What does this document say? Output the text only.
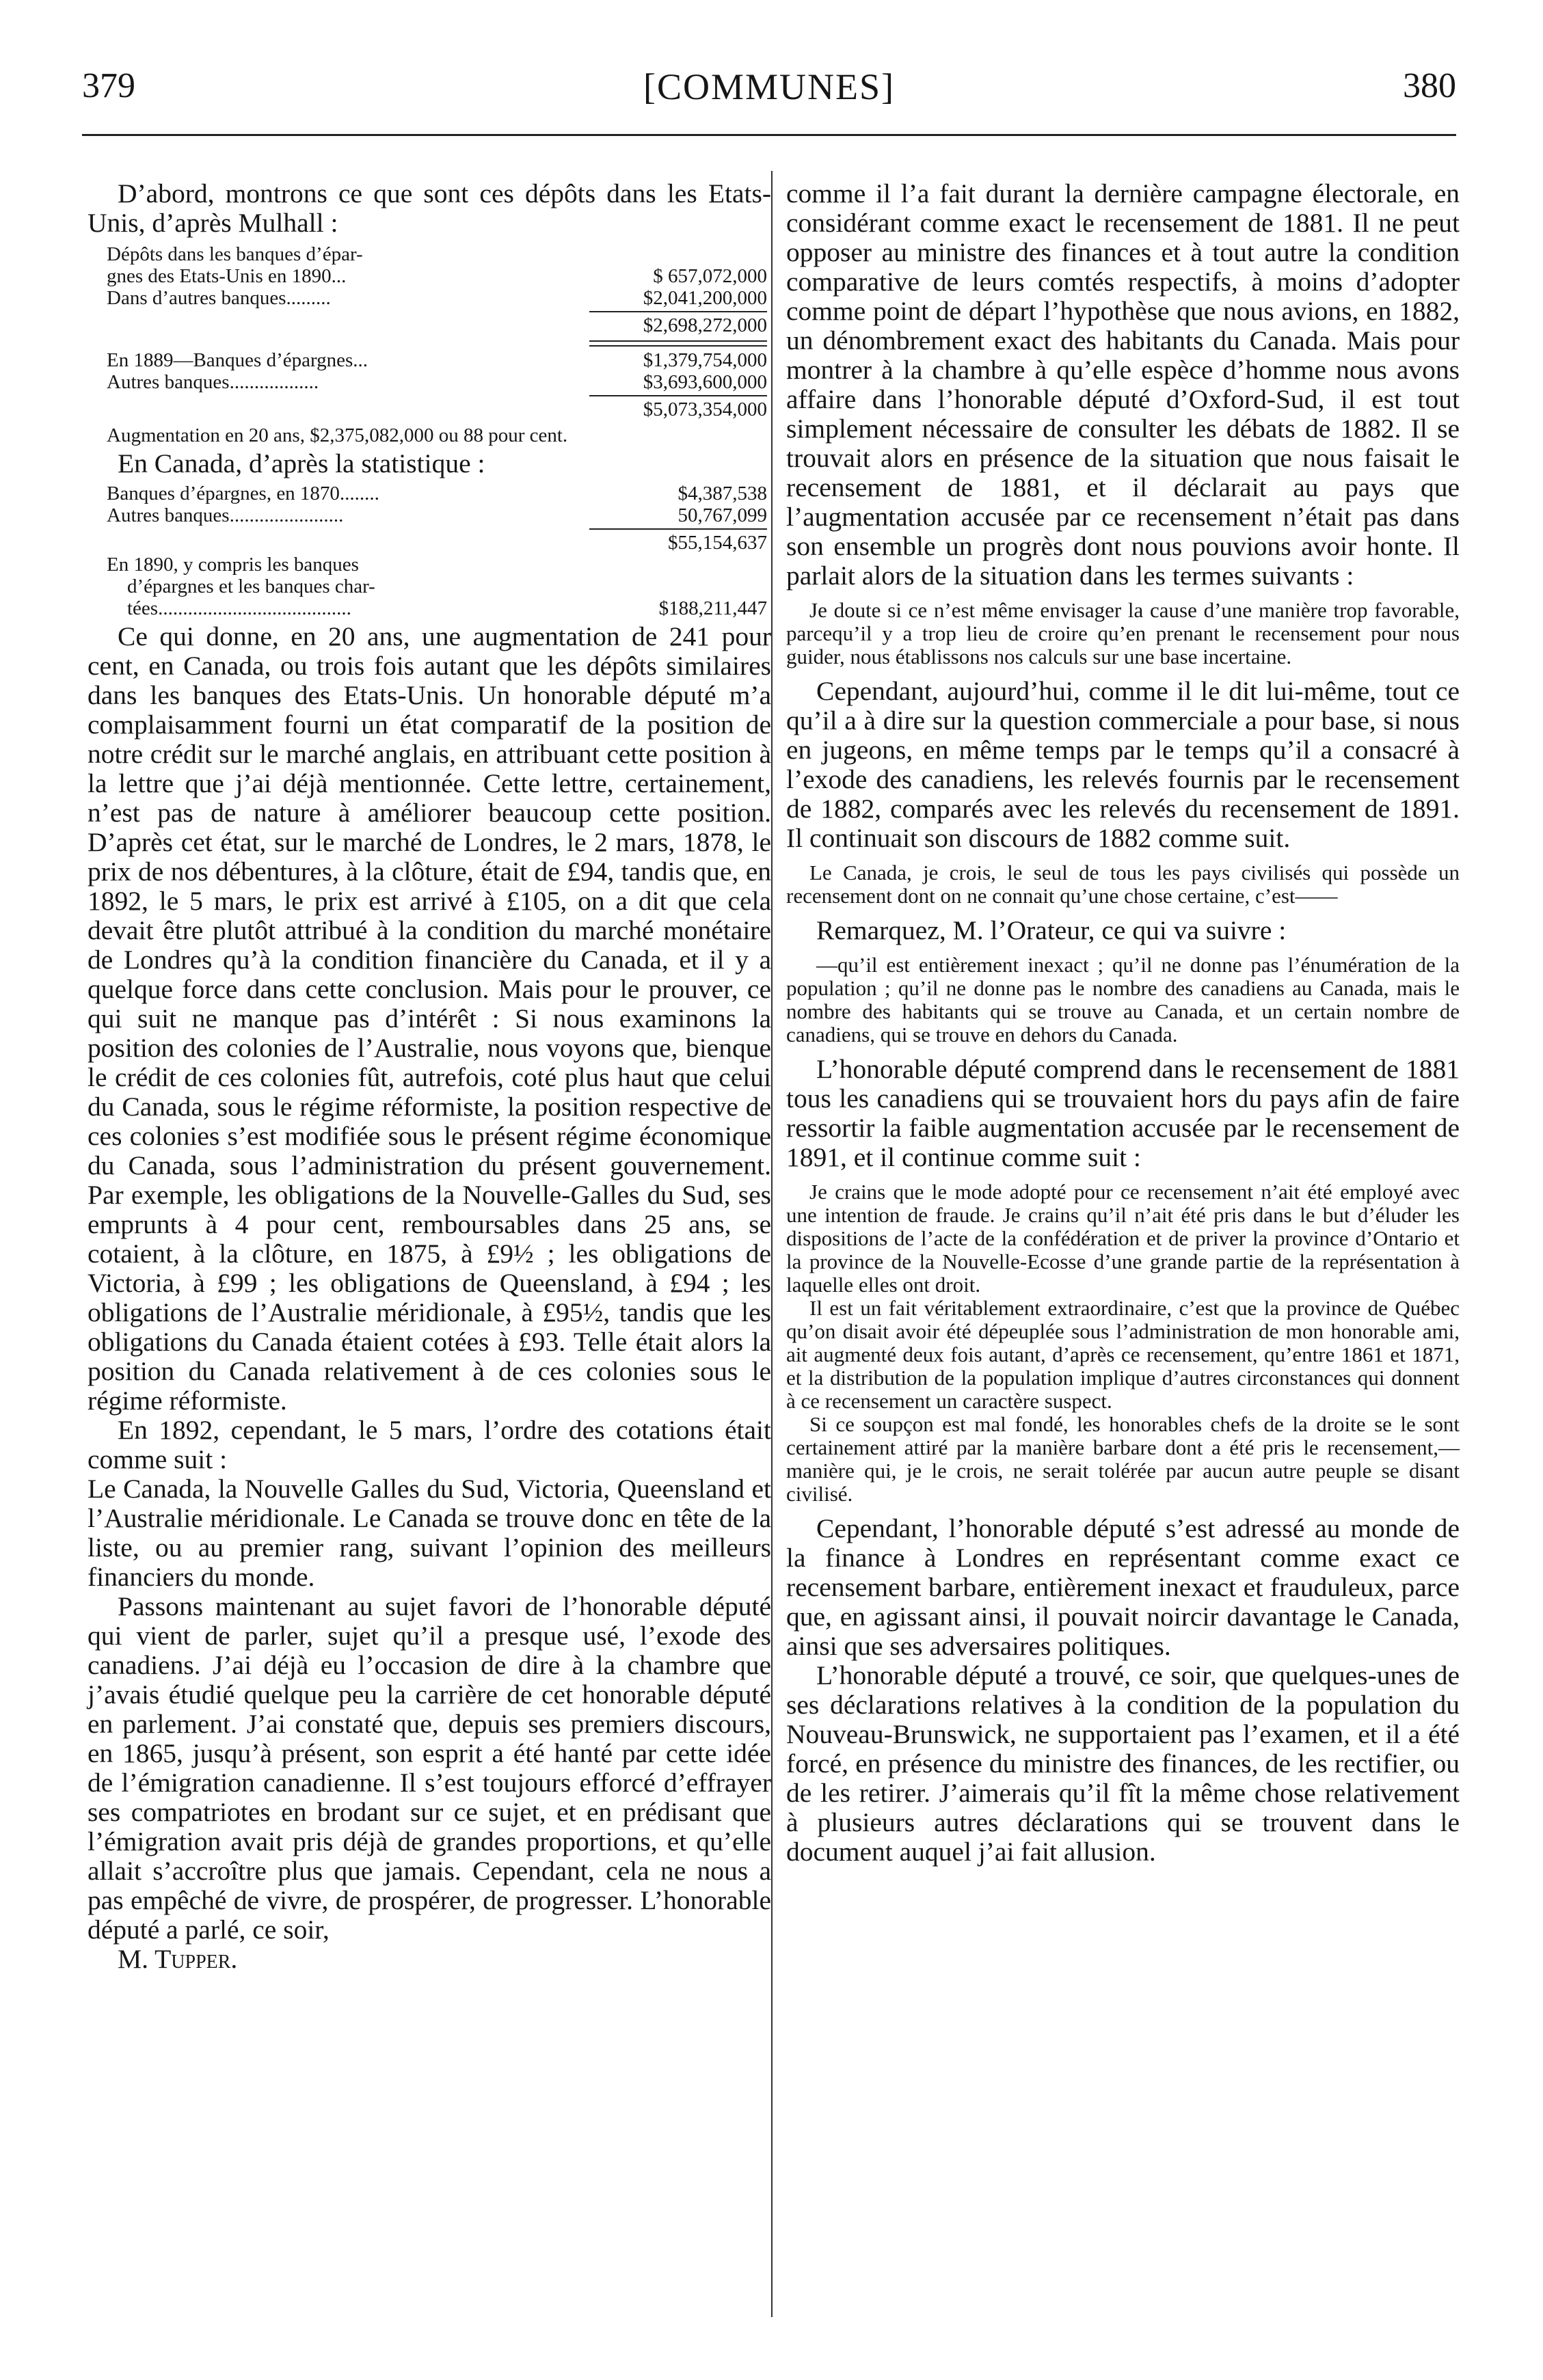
379	[COMMUNES]	380

D’abord, montrons ce que sont ces dépôts dans les Etats-Unis, d’après Mulhall :

Dépôts dans les banques d’épar-
gnes des Etats-Unis en 1890...	$ 657,072,000
Dans d’autres banques.........	$2,041,200,000
$2,698,272,000
En 1889—Banques d’épargnes...	$1,379,754,000
Autres banques..................	$3,693,600,000
$5,073,354,000
Augmentation en 20 ans, $2,375,082,000 ou 88 pour cent.

En Canada, d’après la statistique :

Banques d’épargnes, en 1870........	$4,387,538
Autres banques.......................	50,767,099
$55,154,637
En 1890, y compris les banques
d’épargnes et les banques char-
tées.......................................	$188,211,447

Ce qui donne, en 20 ans, une augmentation de 241 pour cent, en Canada, ou trois fois autant que les dépôts similaires dans les banques des Etats-Unis. Un honorable député m’a complaisamment fourni un état comparatif de la position de notre crédit sur le marché anglais, en attribuant cette position à la lettre que j’ai déjà mentionnée. Cette lettre, certainement, n’est pas de nature à améliorer beaucoup cette position. D’après cet état, sur le marché de Londres, le 2 mars, 1878, le prix de nos débentures, à la clôture, était de £94, tandis que, en 1892, le 5 mars, le prix est arrivé à £105, on a dit que cela devait être plutôt attribué à la condition du marché monétaire de Londres qu’à la condition financière du Canada, et il y a quelque force dans cette conclusion. Mais pour le prouver, ce qui suit ne manque pas d’intérêt : Si nous examinons la position des colonies de l’Australie, nous voyons que, bienque le crédit de ces colonies fût, autrefois, coté plus haut que celui du Canada, sous le régime réformiste, la position respective de ces colonies s’est modifiée sous le présent régime économique du Canada, sous l’administration du présent gouvernement. Par exemple, les obligations de la Nouvelle-Galles du Sud, ses emprunts à 4 pour cent, remboursables dans 25 ans, se cotaient, à la clôture, en 1875, à £9½ ; les obligations de Victoria, à £99 ; les obligations de Queensland, à £94 ; les obligations de l’Australie méridionale, à £95½, tandis que les obligations du Canada étaient cotées à £93. Telle était alors la position du Canada relativement à de ces colonies sous le régime réformiste.

En 1892, cependant, le 5 mars, l’ordre des cotations était comme suit :

Le Canada, la Nouvelle Galles du Sud, Victoria, Queensland et l’Australie méridionale. Le Canada se trouve donc en tête de la liste, ou au premier rang, suivant l’opinion des meilleurs financiers du monde.

Passons maintenant au sujet favori de l’honorable député qui vient de parler, sujet qu’il a presque usé, l’exode des canadiens. J’ai déjà eu l’occasion de dire à la chambre que j’avais étudié quelque peu la carrière de cet honorable député en parlement. J’ai constaté que, depuis ses premiers discours, en 1865, jusqu’à présent, son esprit a été hanté par cette idée de l’émigration canadienne. Il s’est toujours efforcé d’effrayer ses compatriotes en brodant sur ce sujet, et en prédisant que l’émigration avait pris déjà de grandes proportions, et qu’elle allait s’accroître plus que jamais. Cependant, cela ne nous a pas empêché de vivre, de prospérer, de progresser. L’honorable député a parlé, ce soir,

M. Tupper.

comme il l’a fait durant la dernière campagne électorale, en considérant comme exact le recensement de 1881. Il ne peut opposer au ministre des finances et à tout autre la condition comparative de leurs comtés respectifs, à moins d’adopter comme point de départ l’hypothèse que nous avions, en 1882, un dénombrement exact des habitants du Canada. Mais pour montrer à la chambre à qu’elle espèce d’homme nous avons affaire dans l’honorable député d’Oxford-Sud, il est tout simplement nécessaire de consulter les débats de 1882. Il se trouvait alors en présence de la situation que nous faisait le recensement de 1881, et il déclarait au pays que l’augmentation accusée par ce recensement n’était pas dans son ensemble un progrès dont nous pouvions avoir honte. Il parlait alors de la situation dans les termes suivants :

Je doute si ce n’est même envisager la cause d’une manière trop favorable, parcequ’il y a trop lieu de croire qu’en prenant le recensement pour nous guider, nous établissons nos calculs sur une base incertaine.

Cependant, aujourd’hui, comme il le dit lui-même, tout ce qu’il a à dire sur la question commerciale a pour base, si nous en jugeons, en même temps par le temps qu’il a consacré à l’exode des canadiens, les relevés fournis par le recensement de 1882, comparés avec les relevés du recensement de 1891. Il continuait son discours de 1882 comme suit.

Le Canada, je crois, le seul de tous les pays civilisés qui possède un recensement dont on ne connait qu’une chose certaine, c’est——

Remarquez, M. l’Orateur, ce qui va suivre :

—qu’il est entièrement inexact ; qu’il ne donne pas l’énumération de la population ; qu’il ne donne pas le nombre des canadiens au Canada, mais le nombre des habitants qui se trouve au Canada, et un certain nombre de canadiens, qui se trouve en dehors du Canada.

L’honorable député comprend dans le recensement de 1881 tous les canadiens qui se trouvaient hors du pays afin de faire ressortir la faible augmentation accusée par le recensement de 1891, et il continue comme suit :

Je crains que le mode adopté pour ce recensement n’ait été employé avec une intention de fraude. Je crains qu’il n’ait été pris dans le but d’éluder les dispositions de l’acte de la confédération et de priver la province d’Ontario et la province de la Nouvelle-Ecosse d’une grande partie de la représentation à laquelle elles ont droit.

Il est un fait véritablement extraordinaire, c’est que la province de Québec qu’on disait avoir été dépeuplée sous l’administration de mon honorable ami, ait augmenté deux fois autant, d’après ce recensement, qu’entre 1861 et 1871, et la distribution de la population implique d’autres circonstances qui donnent à ce recensement un caractère suspect.

Si ce soupçon est mal fondé, les honorables chefs de la droite se le sont certainement attiré par la manière barbare dont a été pris le recensement,—manière qui, je le crois, ne serait tolérée par aucun autre peuple se disant civilisé.

Cependant, l’honorable député s’est adressé au monde de la finance à Londres en représentant comme exact ce recensement barbare, entièrement inexact et frauduleux, parce que, en agissant ainsi, il pouvait noircir davantage le Canada, ainsi que ses adversaires politiques.

L’honorable député a trouvé, ce soir, que quelques-unes de ses déclarations relatives à la condition de la population du Nouveau-Brunswick, ne supportaient pas l’examen, et il a été forcé, en présence du ministre des finances, de les rectifier, ou de les retirer. J’aimerais qu’il fît la même chose relativement à plusieurs autres déclarations qui se trouvent dans le document auquel j’ai fait allusion.
